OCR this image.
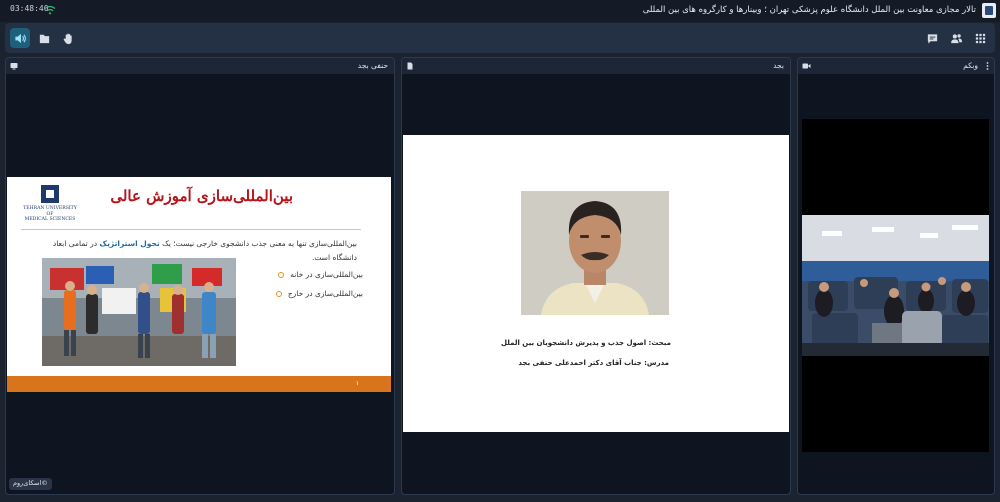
03:48:40	تالار مجازی معاونت بین الملل دانشگاه علوم پزشکی تهران ؛ وبینارها و کارگروه های بین المللی
حنفی بجد
TEHRAN UNIVERSITY
OF
MEDICAL SCIENCES
بین‌المللی‌سازی آموزش عالی
بین‌المللی‌سازی تنها به معنی جذب دانشجوی خارجی نیست؛ یک تحول استراتژیک در تمامی ابعاد دانشگاه است.
بین‌المللی‌سازی در خانه
بین‌المللی‌سازی در خارج
۱
©اسکای‌روم
بجد
مبحث: اصول جذب و پذیرش دانشجویان بین الملل
مدرس: جناب آقای دکتر احمدعلی حنفی بجد
وبکم
